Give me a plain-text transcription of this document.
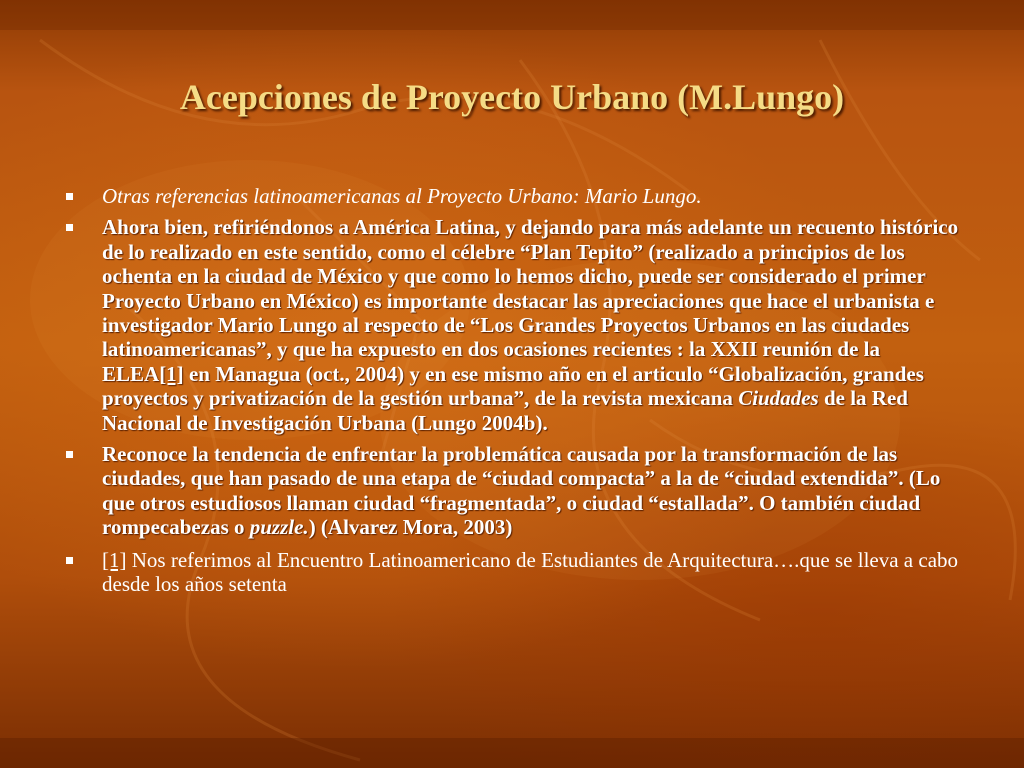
Acepciones de Proyecto Urbano (M.Lungo)
Otras referencias latinoamericanas al Proyecto Urbano: Mario Lungo.
Ahora bien, refiriéndonos a América Latina, y dejando para más adelante un recuento histórico de lo realizado en este sentido, como el célebre “Plan Tepito” (realizado a principios de los ochenta en la ciudad de México y que como lo hemos dicho, puede ser considerado el primer Proyecto Urbano en México) es importante destacar las apreciaciones que hace el urbanista e investigador Mario Lungo al respecto de “Los Grandes Proyectos Urbanos en las ciudades latinoamericanas”, y que ha expuesto en dos ocasiones recientes : la XXII reunión de la ELEA[1] en Managua (oct., 2004) y en ese mismo año en el articulo “Globalización, grandes proyectos y privatización de la gestión urbana”, de la revista mexicana Ciudades de la Red Nacional de Investigación Urbana (Lungo 2004b).
Reconoce la tendencia de enfrentar la problemática causada por la transformación de las ciudades, que han pasado de una etapa de “ciudad compacta” a la de “ciudad extendida”. (Lo que otros estudiosos llaman ciudad “fragmentada”, o ciudad “estallada”. O también ciudad rompecabezas o puzzle.) (Alvarez Mora, 2003)
[1] Nos referimos al Encuentro Latinoamericano de Estudiantes de Arquitectura….que se lleva a cabo desde los años setenta
